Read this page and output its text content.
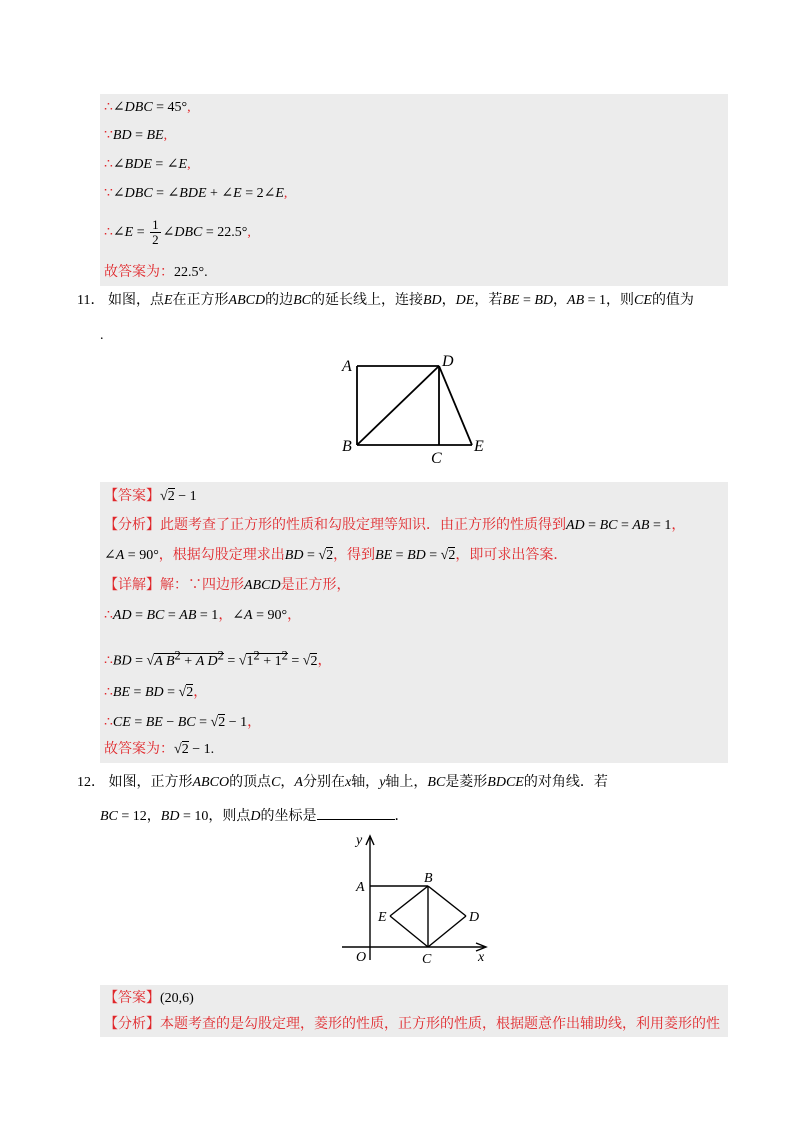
∴∠DBC = 45°,
∵BD = BE,
∴∠BDE = ∠E,
∵∠DBC = ∠BDE + ∠E = 2∠E,
∴∠E = $\frac{1}{2}$ ∠DBC = 22.5°,
故答案为：22.5°.
11． 如图，点E在正方形ABCD的边BC的延长线上，连接BD，DE，若BE = BD，AB = 1，则CE的值为
.
A	D
B
C
E
【答案】√2 − 1
【分析】此题考查了正方形的性质和勾股定理等知识．由正方形的性质得到AD = BC = AB = 1，
∠A = 90°，根据勾股定理求出BD = √2，得到BE = BD = √2，即可求出答案．
【详解】解：∵四边形ABCD是正方形，
∴AD = BC = AB = 1，∠A = 90°，
∴BD = √A $B^2 + A$ $D^2 = √1^2 + 1^2 = √2$，
∴BE = BD = √2，
∴CE = BE − BC = √2 − 1，
故答案为：√2 − 1.
12． 如图，正方形ABCO的顶点C，A分别在x轴，y轴上，BC是菱形BDCE的对角线．若
BC = 12，BD = 10，则点D的坐标是	．
y
A
B
E	D
O	C	x
【答案】(20,6)
【分析】本题考查的是勾股定理，菱形的性质，正方形的性质，根据题意作出辅助线，利用菱形的性
